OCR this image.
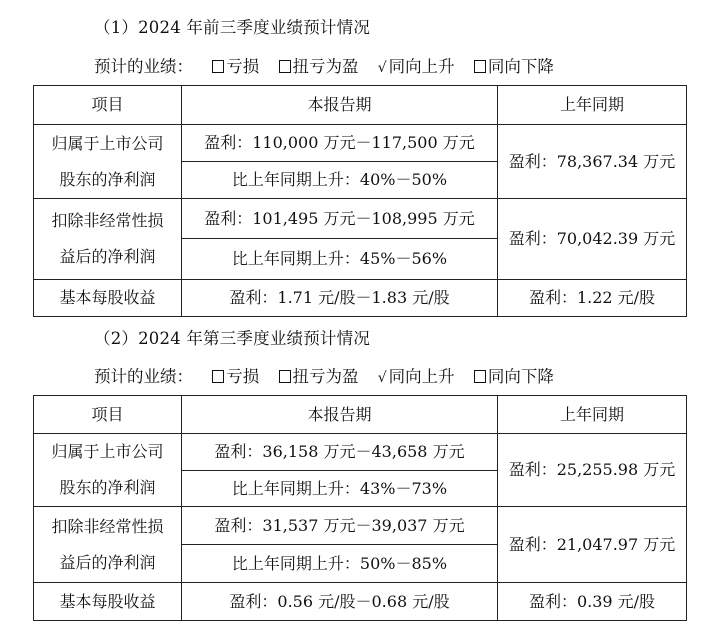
（1）2024 年前三季度业绩预计情况
预计的业绩： 亏损 扭亏为盈 √ 同向上升 同向下降
项目	本报告期	上年同期

归属于上市公司
股东的净利润	盈利：110,000 万元－117,500 万元	盈利：78,367.34 万元
	比上年同期上升：40%－50%	

扣除非经常性损
益后的净利润	盈利：101,495 万元－108,995 万元	盈利：70,042.39 万元
	比上年同期上升：45%－56%	
基本每股收益	盈利：1.71 元/股－1.83 元/股	盈利：1.22 元/股
（2）2024 年第三季度业绩预计情况
预计的业绩： 亏损 扭亏为盈 √ 同向上升 同向下降
项目	本报告期	上年同期

归属于上市公司
股东的净利润	盈利：36,158 万元－43,658 万元	盈利：25,255.98 万元
	比上年同期上升：43%－73%	

扣除非经常性损
益后的净利润	盈利：31,537 万元－39,037 万元	盈利：21,047.97 万元
	比上年同期上升：50%－85%	
基本每股收益	盈利：0.56 元/股－0.68 元/股	盈利：0.39 元/股
